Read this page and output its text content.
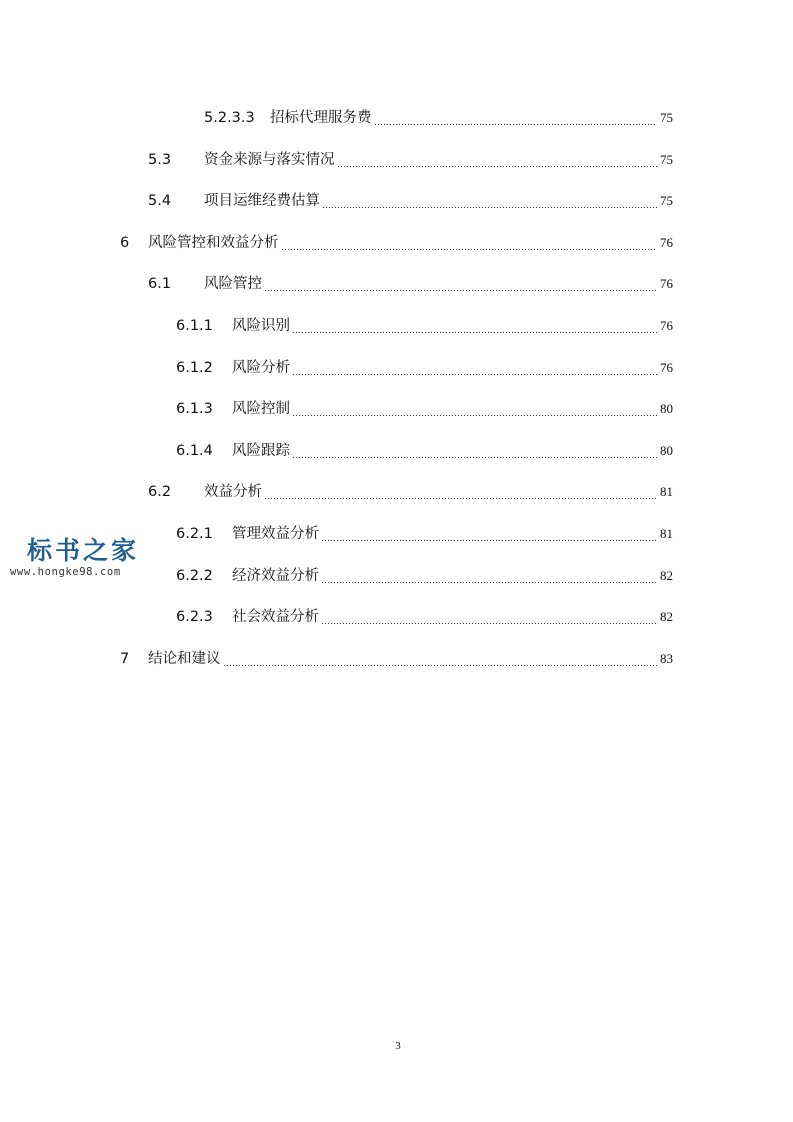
5.2.3.3	招标代理服务费	75
5.3	资金来源与落实情况	75
5.4	项目运维经费估算	75
6	风险管控和效益分析	76
6.1	风险管控	76
6.1.1	风险识别	76
6.1.2	风险分析	76
6.1.3	风险控制	80
6.1.4	风险跟踪	80
6.2	效益分析	81
6.2.1	管理效益分析	81
6.2.2	经济效益分析	82
6.2.3	社会效益分析	82
7	结论和建议	83
标书之家
www.hongke98.com
3
